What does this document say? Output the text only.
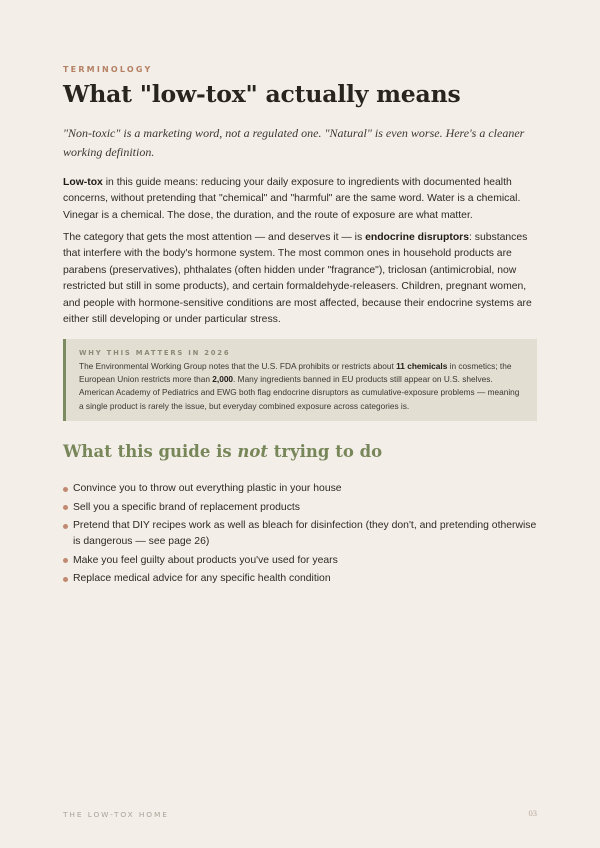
TERMINOLOGY
What "low-tox" actually means

"Non-toxic" is a marketing word, not a regulated one. "Natural" is even worse. Here's a cleaner working definition.

Low-tox in this guide means: reducing your daily exposure to ingredients with documented health concerns, without pretending that "chemical" and "harmful" are the same word. Water is a chemical. Vinegar is a chemical. The dose, the duration, and the route of exposure are what matter.

The category that gets the most attention — and deserves it — is endocrine disruptors: substances that interfere with the body's hormone system. The most common ones in household products are parabens (preservatives), phthalates (often hidden under "fragrance"), triclosan (antimicrobial, now restricted but still in some products), and certain formaldehyde-releasers. Children, pregnant women, and people with hormone-sensitive conditions are most affected, because their endocrine systems are either still developing or under particular stress.

WHY THIS MATTERS IN 2026

The Environmental Working Group notes that the U.S. FDA prohibits or restricts about 11 chemicals in cosmetics; the European Union restricts more than 2,000. Many ingredients banned in EU products still appear on U.S. shelves. American Academy of Pediatrics and EWG both flag endocrine disruptors as cumulative-exposure problems — meaning a single product is rarely the issue, but everyday combined exposure across categories is.

What this guide is not trying to do
Convince you to throw out everything plastic in your house
Sell you a specific brand of replacement products
Pretend that DIY recipes work as well as bleach for disinfection (they don't, and pretending otherwise is dangerous — see page 26)
Make you feel guilty about products you've used for years
Replace medical advice for any specific health condition
THE LOW-TOX HOME	03
